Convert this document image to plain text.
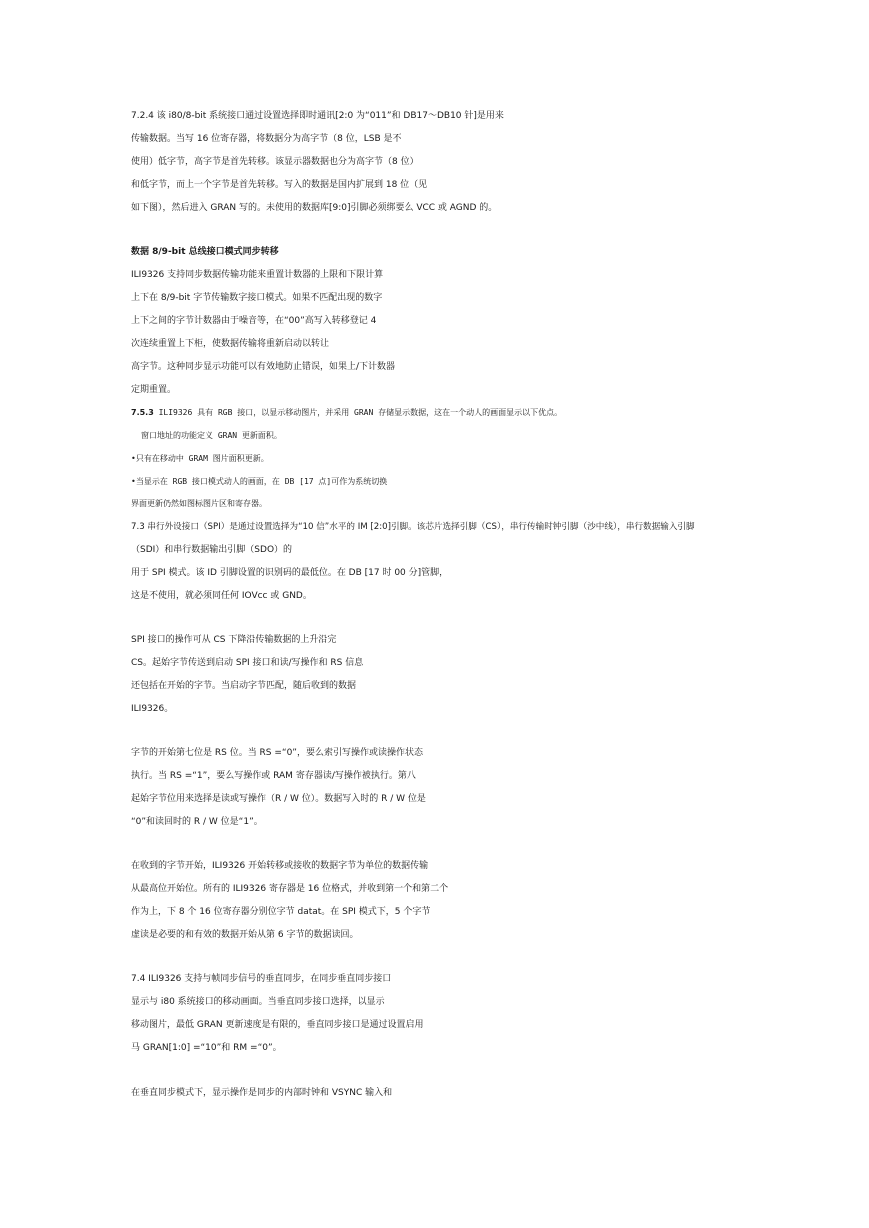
7.2.4 该 i80/8-bit 系统接口通过设置选择即时通讯[2:0 为“011”和 DB17～DB10 针]是用来
传输数据。当写 16 位寄存器，将数据分为高字节（8 位，LSB 是不
使用）低字节，高字节是首先转移。该显示器数据也分为高字节（8 位）
和低字节，而上一个字节是首先转移。写入的数据是国内扩展到 18 位（见
如下图），然后进入 GRAN 写的。未使用的数据库[9:0]引脚必须绑要么 VCC 或 AGND 的。
数据 8/9-bit 总线接口模式同步转移
ILI9326 支持同步数据传输功能来重置计数器的上限和下限计算
上下在 8/9-bit 字节传输数字接口模式。如果不匹配出现的数字
上下之间的字节计数器由于噪音等，在“00”高写入转移登记 4
次连续重置上下柜，使数据传输将重新启动以转让
高字节。这种同步显示功能可以有效地防止错误，如果上/下计数器
定期重置。
7.5.3 ILI9326 具有 RGB 接口，以显示移动图片，并采用 GRAN 存储显示数据，这在一个动人的画面显示以下优点。
窗口地址的功能定义 GRAN 更新面积。
•只有在移动中 GRAM 图片面积更新。
•当显示在 RGB 接口模式动人的画面，在 DB [17 点]可作为系统切换
界面更新仍然如图标图片区和寄存器。
7.3 串行外设接口（SPI）是通过设置选择为“10 信”水平的 IM [2:0]引脚。该芯片选择引脚（CS），串行传输时钟引脚（沙中线），串行数据输入引脚
（SDI）和串行数据输出引脚（SDO）的
用于 SPI 模式。该 ID 引脚设置的识别码的最低位。在 DB [17 时 00 分]管脚，
这是不使用，就必须同任何 IOVcc 或 GND。
SPI 接口的操作可从 CS 下降沿传输数据的上升沿完
CS。起始字节传送到启动 SPI 接口和读/写操作和 RS 信息
还包括在开始的字节。当启动字节匹配，随后收到的数据
ILI9326。
字节的开始第七位是 RS 位。当 RS =“0”，要么索引写操作或读操作状态
执行。当 RS =“1”，要么写操作或 RAM 寄存器读/写操作被执行。第八
起始字节位用来选择是读或写操作（R / W 位）。数据写入时的 R / W 位是
“0”和读回时的 R / W 位是“1”。
在收到的字节开始，ILI9326 开始转移或接收的数据字节为单位的数据传输
从最高位开始位。所有的 ILI9326 寄存器是 16 位格式，并收到第一个和第二个
作为上，下 8 个 16 位寄存器分别位字节 datat。在 SPI 模式下，5 个字节
虚读是必要的和有效的数据开始从第 6 字节的数据读回。
7.4 ILI9326 支持与帧同步信号的垂直同步，在同步垂直同步接口
显示与 i80 系统接口的移动画面。当垂直同步接口选择，以显示
移动图片，最低 GRAN 更新速度是有限的，垂直同步接口是通过设置启用
马 GRAN[1:0] =“10”和 RM =“0”。
在垂直同步模式下，显示操作是同步的内部时钟和 VSYNC 输入和
